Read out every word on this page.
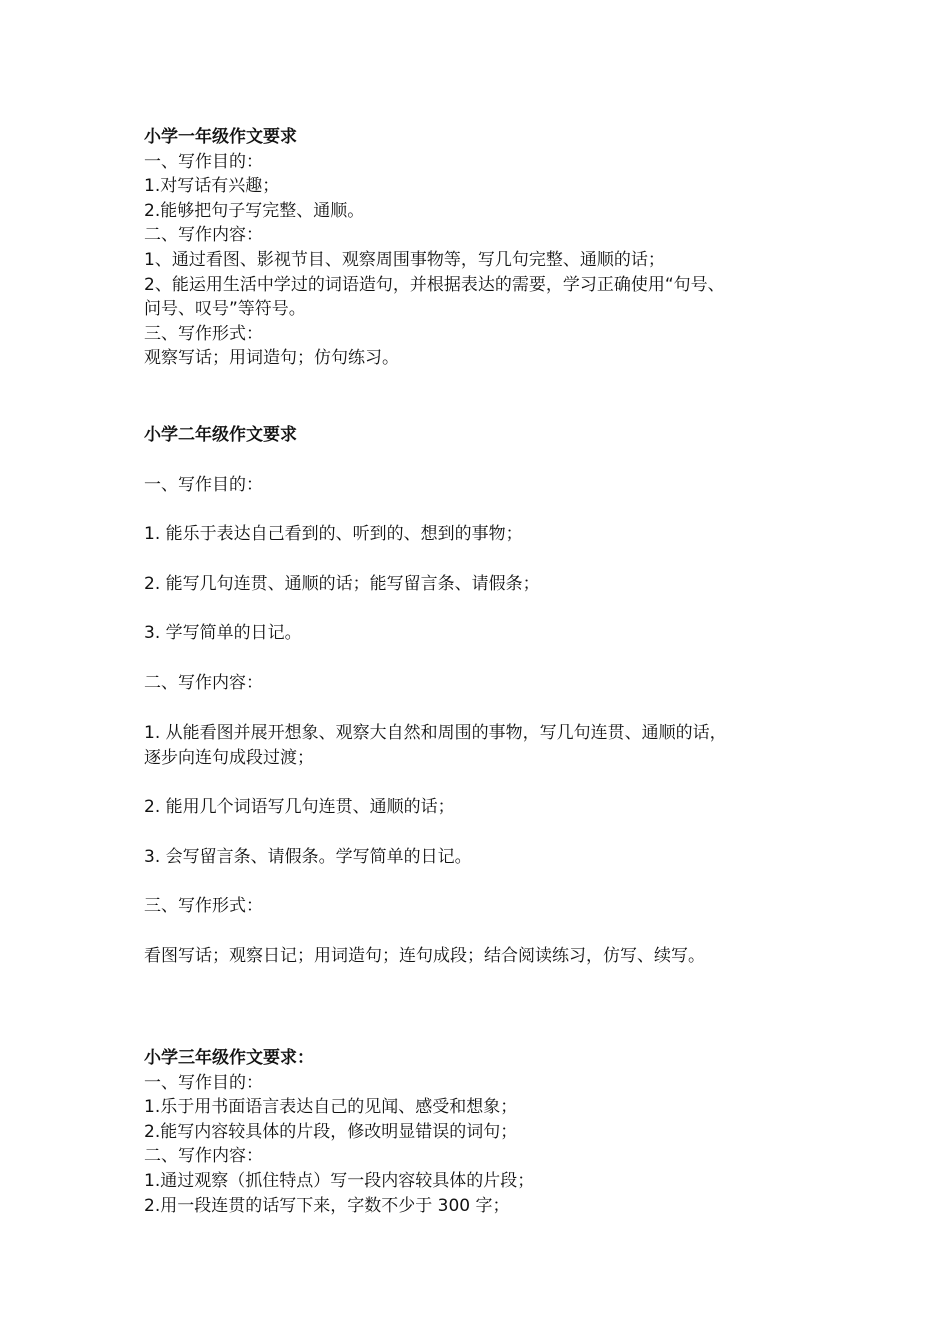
小学一年级作文要求

一、写作目的：

1.对写话有兴趣；

2.能够把句子写完整、通顺。

二、写作内容：

1、通过看图、影视节目、观察周围事物等，写几句完整、通顺的话；

2、能运用生活中学过的词语造句，并根据表达的需要，学习正确使用“句号、

问号、叹号”等符号。

三、写作形式：

观察写话；用词造句；仿句练习。

小学二年级作文要求

一、写作目的：

1. 能乐于表达自己看到的、听到的、想到的事物；

2. 能写几句连贯、通顺的话；能写留言条、请假条；

3. 学写简单的日记。

二、写作内容：

1. 从能看图并展开想象、观察大自然和周围的事物，写几句连贯、通顺的话，

逐步向连句成段过渡；

2. 能用几个词语写几句连贯、通顺的话；

3. 会写留言条、请假条。学写简单的日记。

三、写作形式：

看图写话；观察日记；用词造句；连句成段；结合阅读练习，仿写、续写。

小学三年级作文要求：

一、写作目的：

1.乐于用书面语言表达自己的见闻、感受和想象；

2.能写内容较具体的片段，修改明显错误的词句；

二、写作内容：

1.通过观察（抓住特点）写一段内容较具体的片段；

2.用一段连贯的话写下来，字数不少于 300 字；
